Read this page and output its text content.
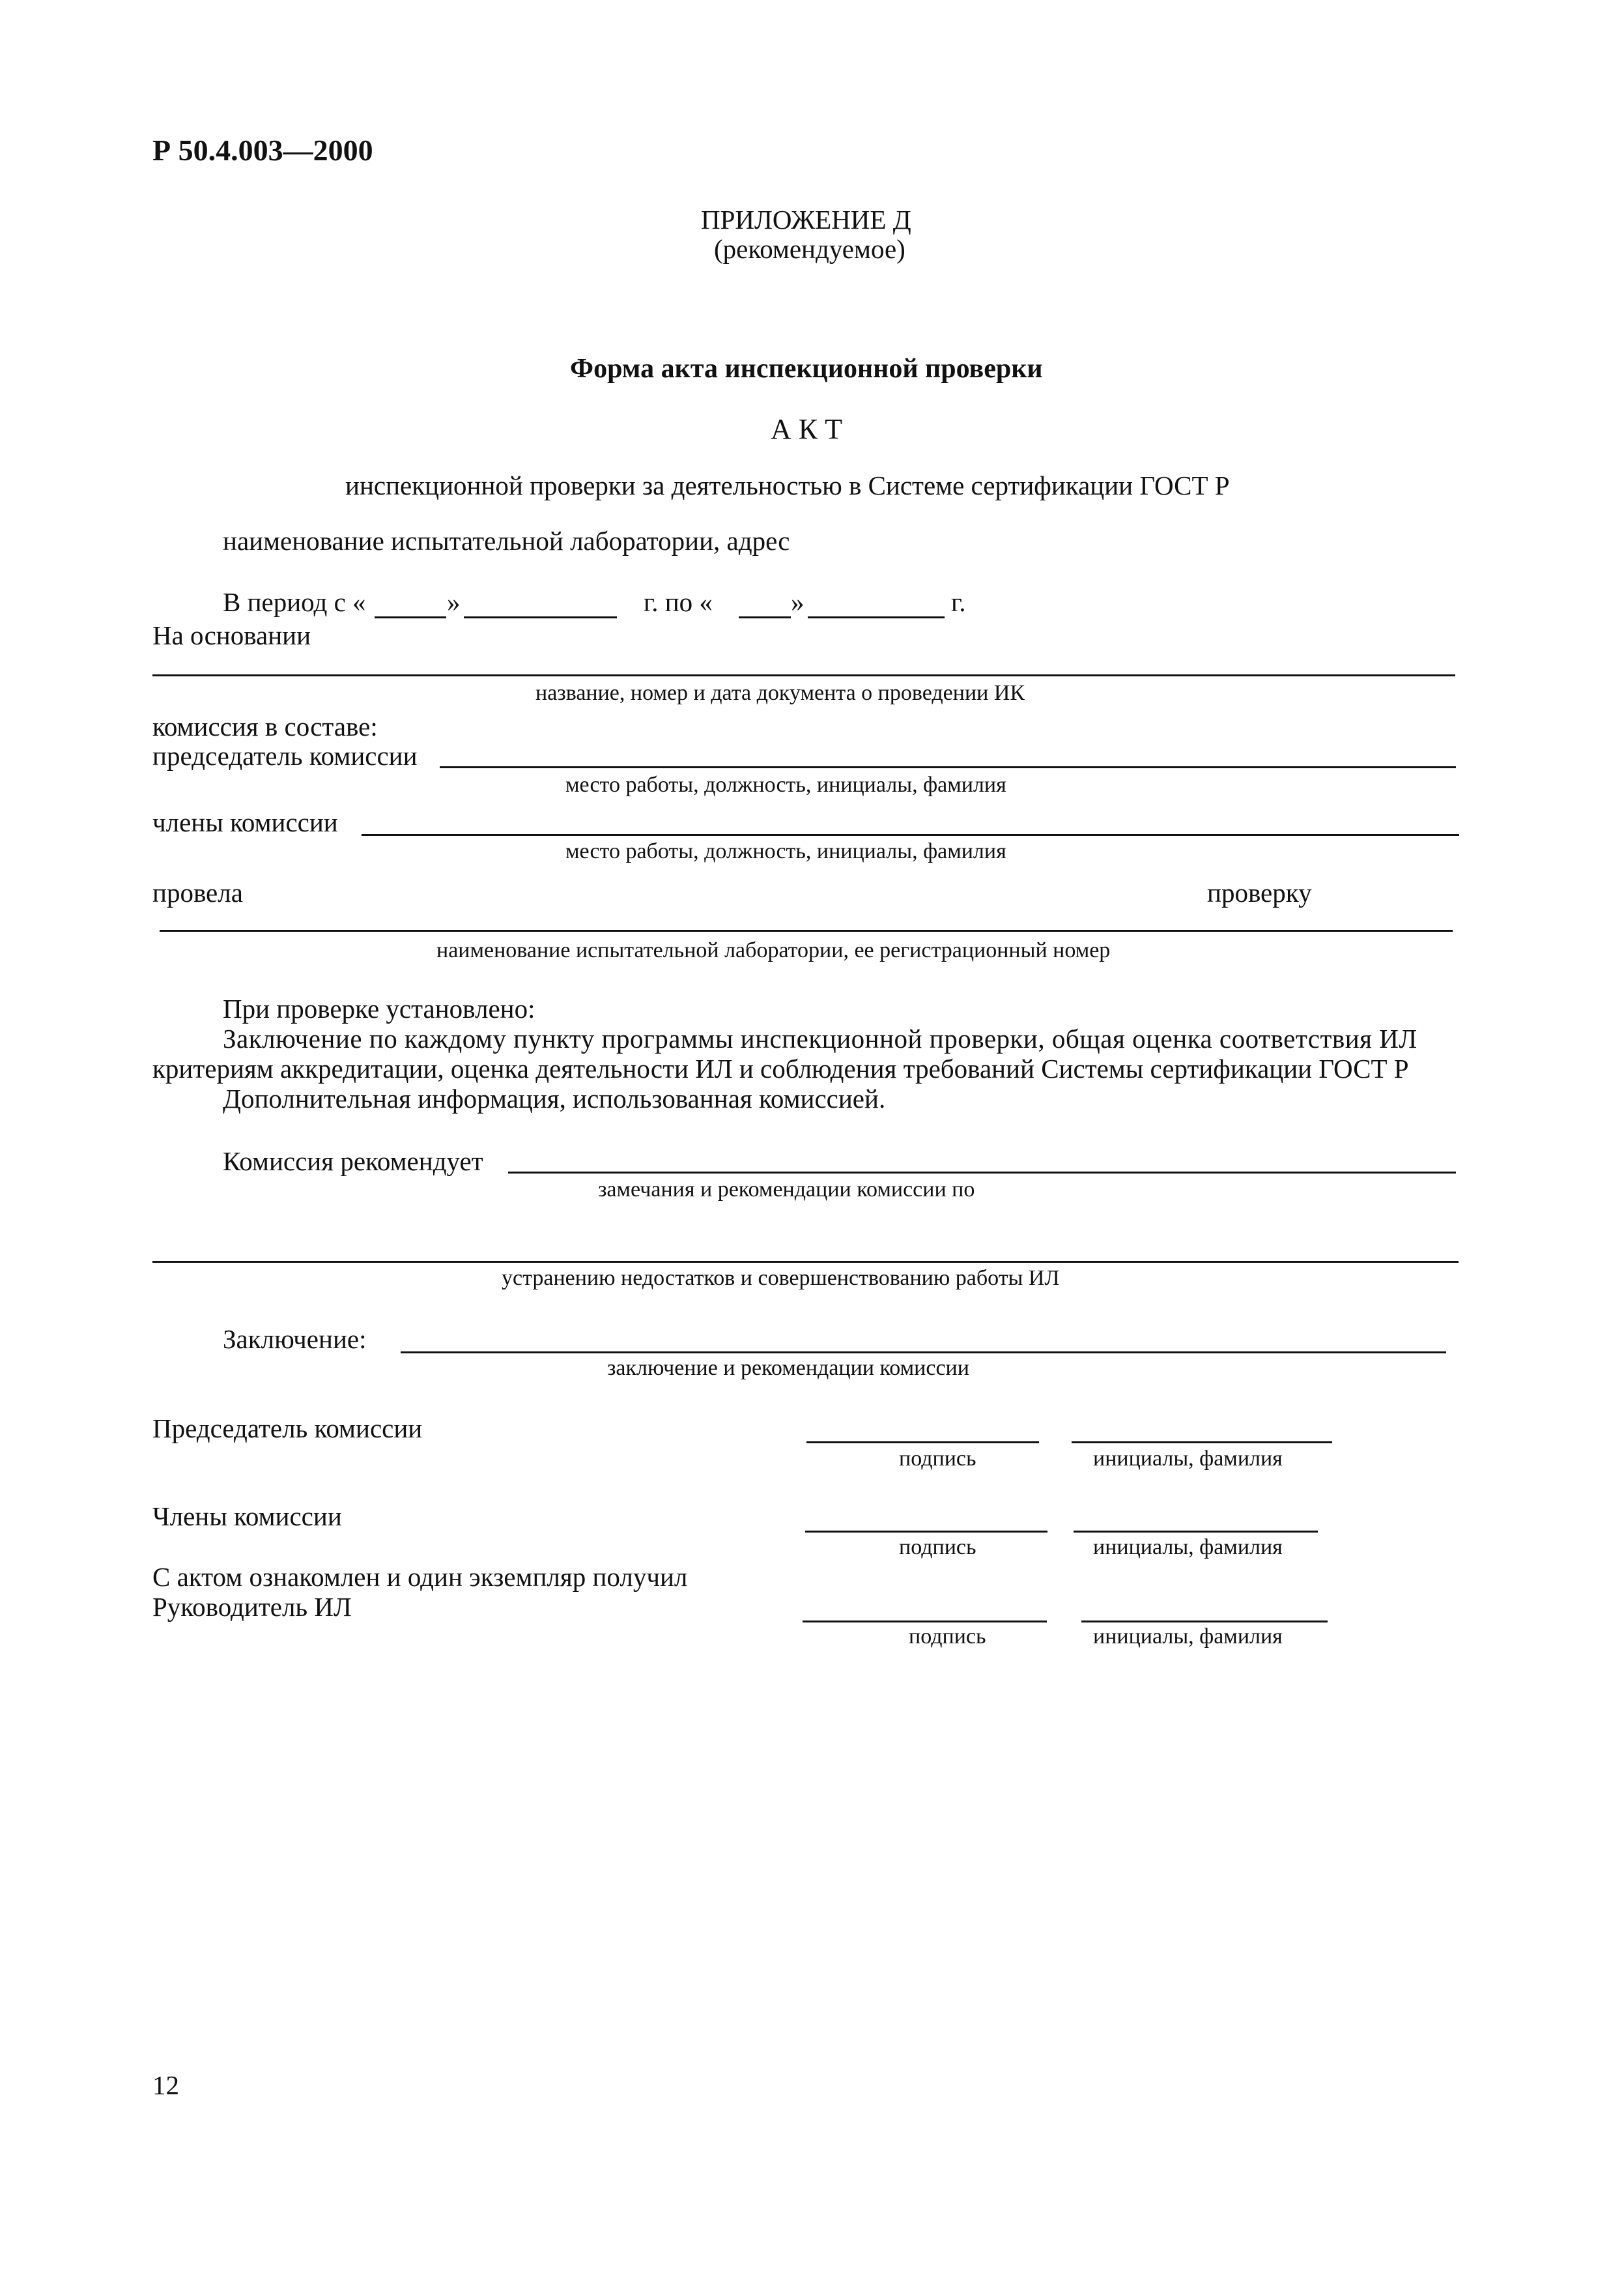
Р 50.4.003—2000
ПРИЛОЖЕНИЕ Д
(рекомендуемое)
Форма акта инспекционной проверки
А К Т
инспекционной проверки за деятельностью в Системе сертификации ГОСТ Р
наименование испытательной лаборатории, адрес
В период с «	»	г. по «	»	г.
На основании
название, номер и дата документа о проведении ИК
комиссия в составе:
председатель комиссии
место работы, должность, инициалы, фамилия
члены комиссии
место работы, должность, инициалы, фамилия
провела	проверку
наименование испытательной лаборатории, ее регистрационный номер
При проверке установлено:
Заключение по каждому пункту программы инспекционной проверки, общая оценка соответствия ИЛ
критериям аккредитации, оценка деятельности ИЛ и соблюдения требований Системы сертификации ГОСТ Р
Дополнительная информация, использованная комиссией.
Комиссия рекомендует
замечания и рекомендации комиссии по
устранению недостатков и совершенствованию работы ИЛ
Заключение:
заключение и рекомендации комиссии
Председатель комиссии
подпись	инициалы, фамилия
Члены комиссии
подпись	инициалы, фамилия
С актом ознакомлен и один экземпляр получил
Руководитель ИЛ
подпись	инициалы, фамилия
12
